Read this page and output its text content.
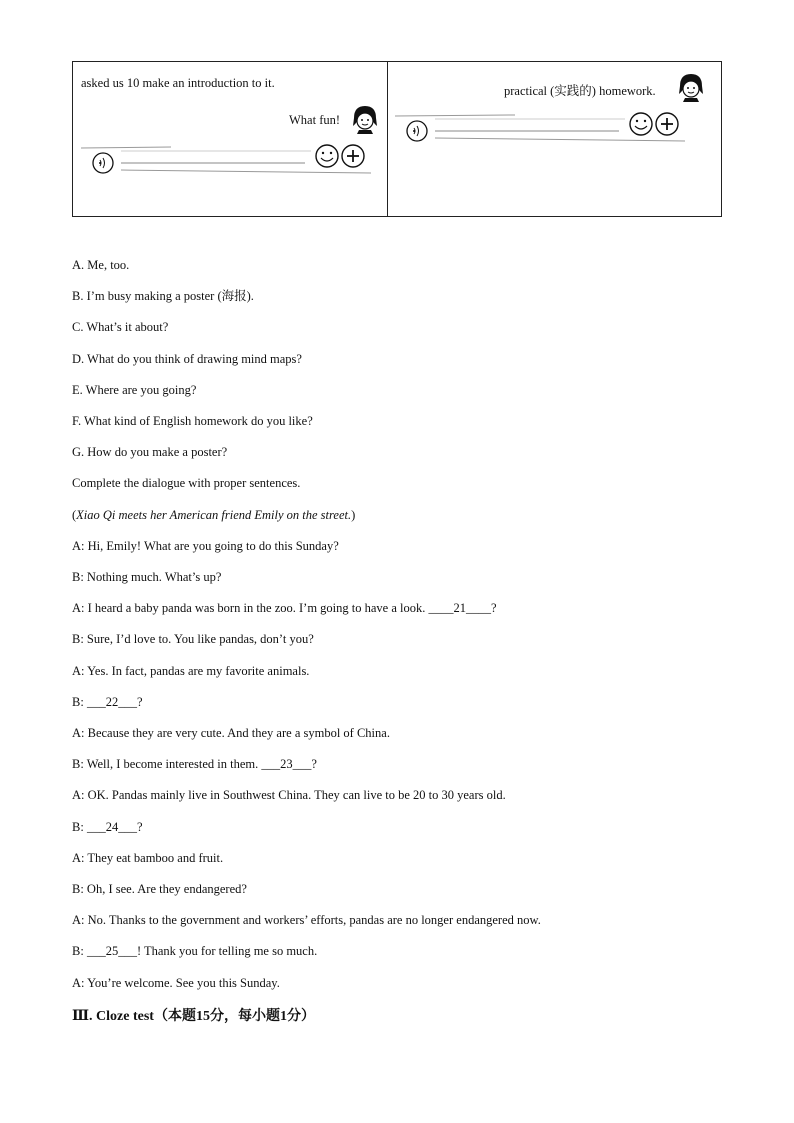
asked us 10 make an introduction to it.
What fun!
practical (实践的) homework.
A. Me, too.
B. I’m busy making a poster (海报).
C. What’s it about?
D. What do you think of drawing mind maps?
E. Where are you going?
F. What kind of English homework do you like?
G. How do you make a poster?
Complete the dialogue with proper sentences.
(Xiao Qi meets her American friend Emily on the street.)
A: Hi, Emily! What are you going to do this Sunday?
B: Nothing much. What’s up?
A: I heard a baby panda was born in the zoo. I’m going to have a look. ____21____?
B: Sure, I’d love to. You like pandas, don’t you?
A: Yes. In fact, pandas are my favorite animals.
B: ___22___?
A: Because they are very cute. And they are a symbol of China.
B: Well, I become interested in them. ___23___?
A: OK. Pandas mainly live in Southwest China. They can live to be 20 to 30 years old.
B: ___24___?
A: They eat bamboo and fruit.
B: Oh, I see. Are they endangered?
A: No. Thanks to the government and workers’ efforts, pandas are no longer endangered now.
B: ___25___! Thank you for telling me so much.
A: You’re welcome. See you this Sunday.
Ⅲ. Cloze test（本题15分，每小题1分）
